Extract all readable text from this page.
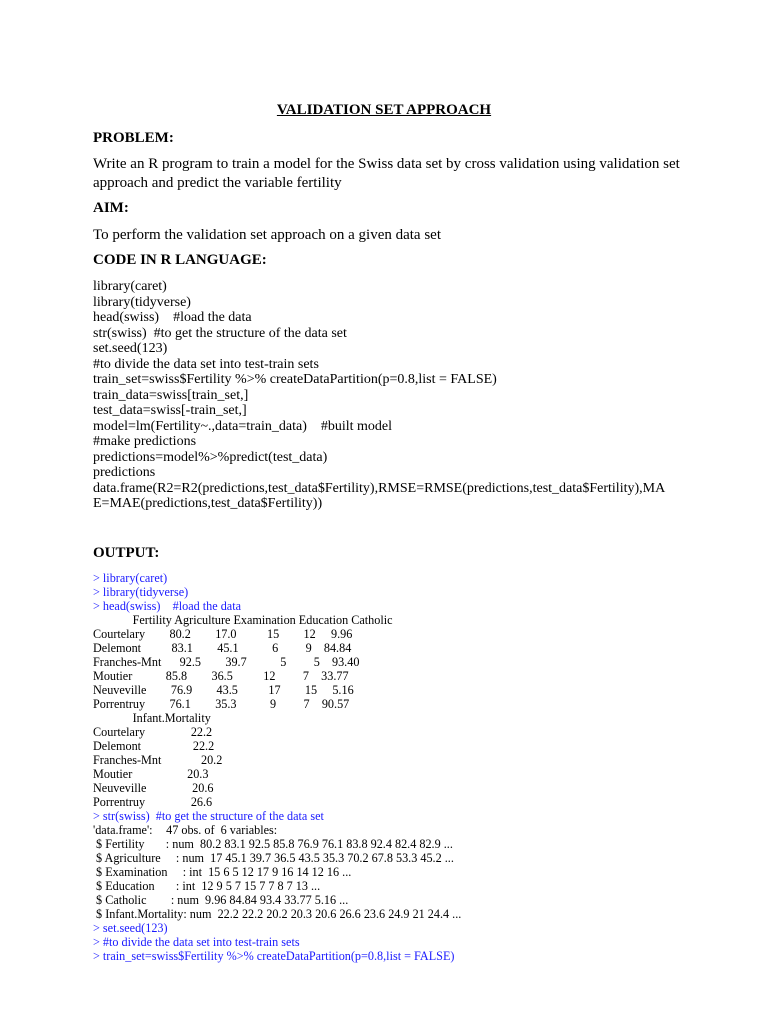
VALIDATION SET APPROACH
PROBLEM:
Write an R program to train a model for the Swiss data set by cross validation using validation set approach and predict the variable fertility
AIM:
To perform the validation set approach on a given data set
CODE IN R LANGUAGE:
library(caret)
library(tidyverse)
head(swiss)    #load the data
str(swiss)  #to get the structure of the data set
set.seed(123)
#to divide the data set into test-train sets
train_set=swiss$Fertility %>% createDataPartition(p=0.8,list = FALSE)
train_data=swiss[train_set,]
test_data=swiss[-train_set,]
model=lm(Fertility~.,data=train_data)    #built model
#make predictions
predictions=model%>%predict(test_data)
predictions
data.frame(R2=R2(predictions,test_data$Fertility),RMSE=RMSE(predictions,test_data$Fertility),MA
E=MAE(predictions,test_data$Fertility))
OUTPUT:
> library(caret)
> library(tidyverse)
> head(swiss)    #load the data
Fertility Agriculture Examination Education Catholic
Courtelary        80.2        17.0          15        12     9.96
Delemont          83.1        45.1           6         9    84.84
Franches-Mnt      92.5        39.7           5         5    93.40
Moutier           85.8        36.5          12         7    33.77
Neuveville        76.9        43.5          17        15     5.16
Porrentruy        76.1        35.3           9         7    90.57
Infant.Mortality
Courtelary               22.2
Delemont                 22.2
Franches-Mnt             20.2
Moutier                  20.3
Neuveville               20.6
Porrentruy               26.6
> str(swiss)  #to get the structure of the data set
'data.frame':	47 obs. of  6 variables:
$ Fertility       : num  80.2 83.1 92.5 85.8 76.9 76.1 83.8 92.4 82.4 82.9 ...
$ Agriculture     : num  17 45.1 39.7 36.5 43.5 35.3 70.2 67.8 53.3 45.2 ...
$ Examination     : int  15 6 5 12 17 9 16 14 12 16 ...
$ Education       : int  12 9 5 7 15 7 7 8 7 13 ...
$ Catholic        : num  9.96 84.84 93.4 33.77 5.16 ...
$ Infant.Mortality: num  22.2 22.2 20.2 20.3 20.6 26.6 23.6 24.9 21 24.4 ...
> set.seed(123)
> #to divide the data set into test-train sets
> train_set=swiss$Fertility %>% createDataPartition(p=0.8,list = FALSE)
